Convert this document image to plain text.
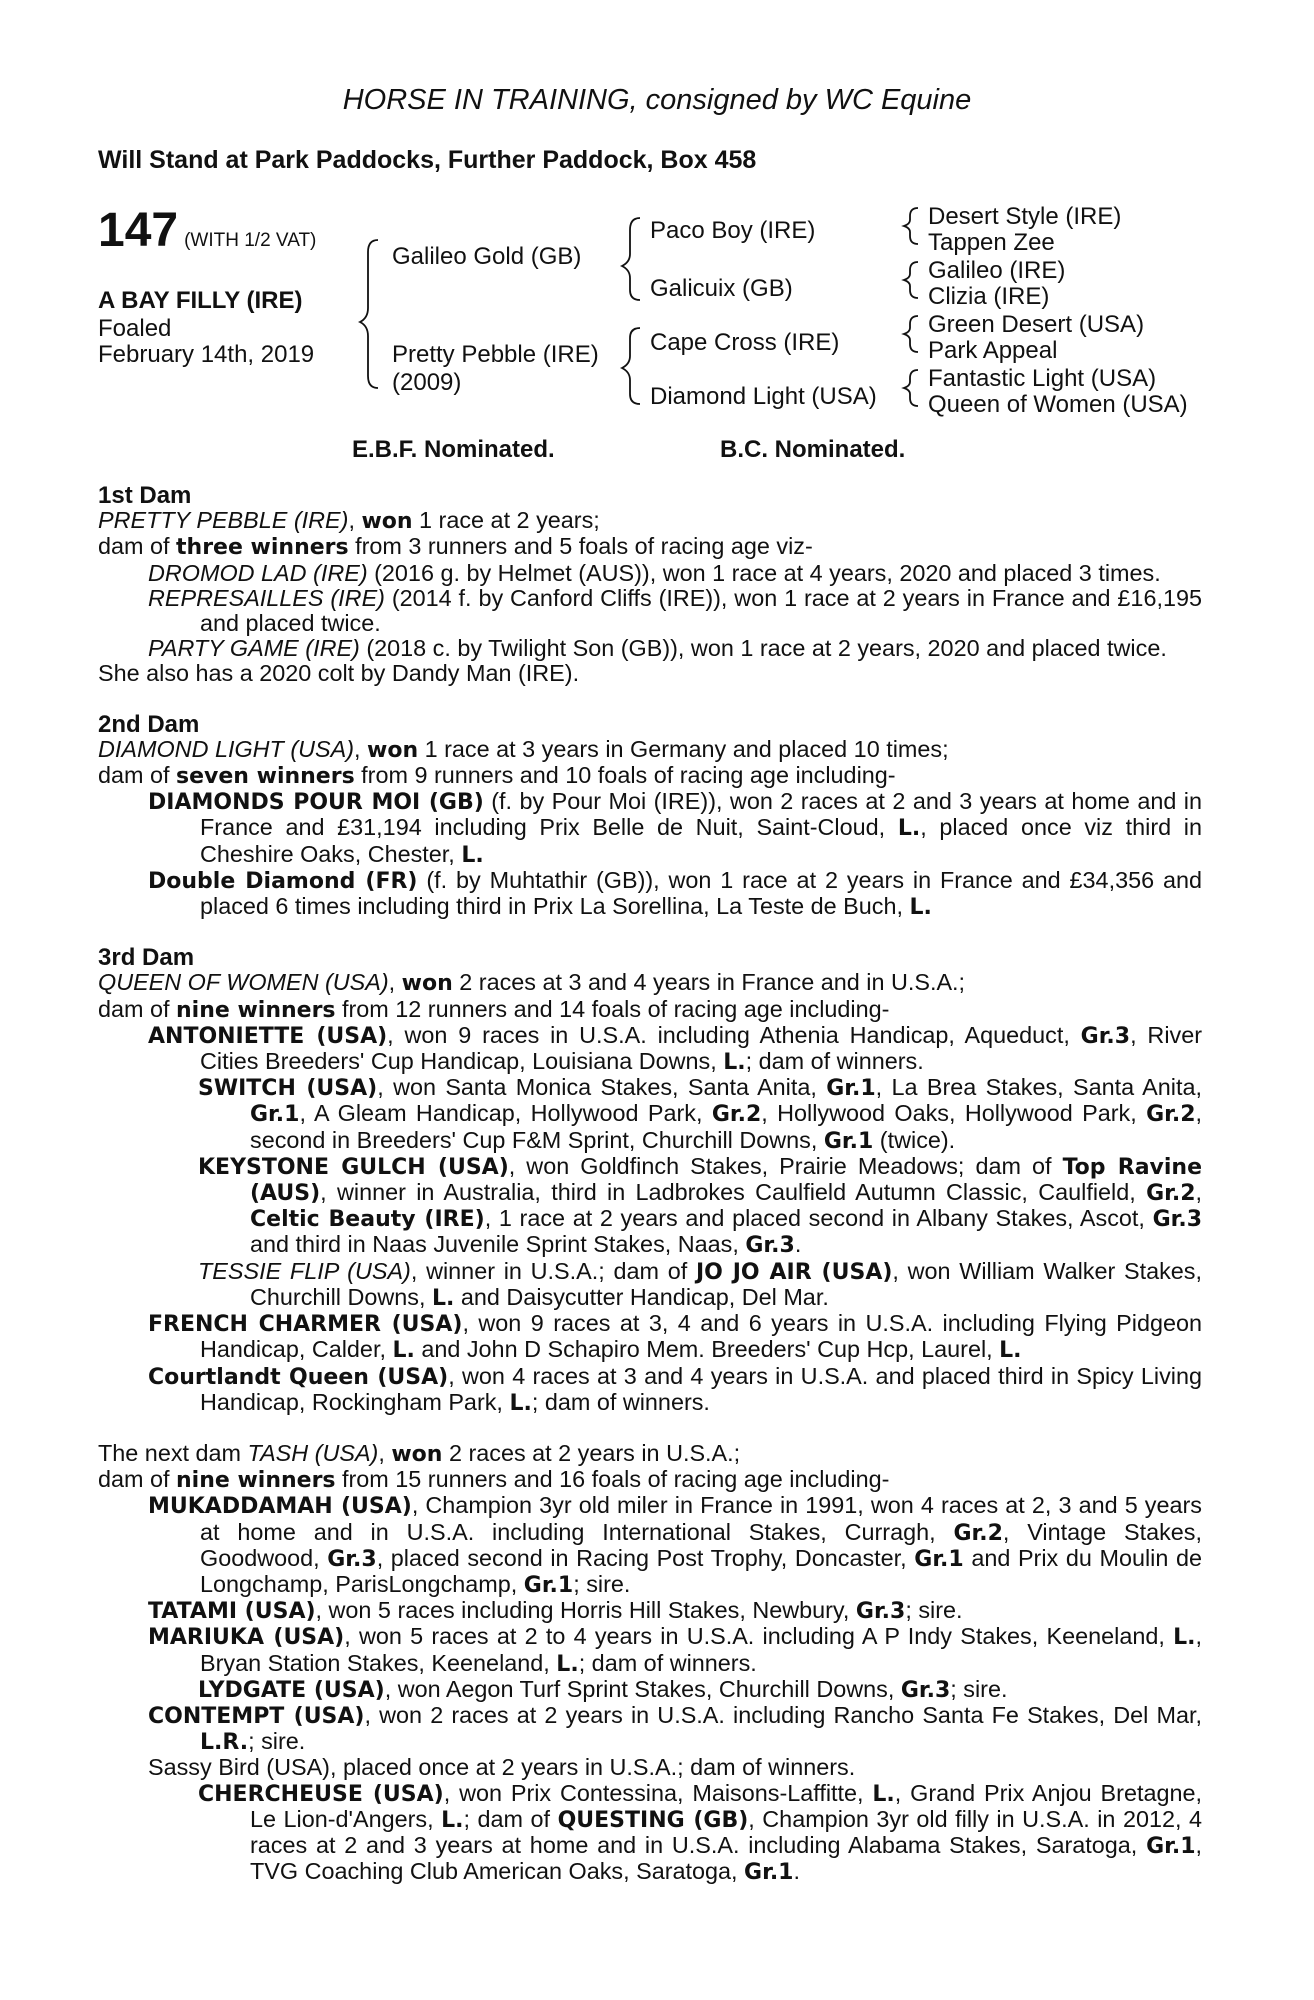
HORSE IN TRAINING, consigned by WC Equine
Will Stand at Park Paddocks, Further Paddock, Box 458
147 (WITH 1/2 VAT)
A BAY FILLY (IRE)
Foaled
February 14th, 2019
Galileo Gold (GB)
Pretty Pebble (IRE)
(2009)
Paco Boy (IRE)
Galicuix (GB)
Cape Cross (IRE)
Diamond Light (USA)
Desert Style (IRE)
Tappen Zee
Galileo (IRE)
Clizia (IRE)
Green Desert (USA)
Park Appeal
Fantastic Light (USA)
Queen of Women (USA)
E.B.F. Nominated.	B.C. Nominated.

1st Dam

PRETTY PEBBLE (IRE), won 1 race at 2 years;

dam of three winners from 3 runners and 5 foals of racing age viz-

DROMOD LAD (IRE) (2016 g. by Helmet (AUS)), won 1 race at 4 years, 2020 and placed 3 times.

REPRESAILLES (IRE) (2014 f. by Canford Cliffs (IRE)), won 1 race at 2 years in France and £16,195 and placed twice.

PARTY GAME (IRE) (2018 c. by Twilight Son (GB)), won 1 race at 2 years, 2020 and placed twice.

She also has a 2020 colt by Dandy Man (IRE).

2nd Dam

DIAMOND LIGHT (USA), won 1 race at 3 years in Germany and placed 10 times;

dam of seven winners from 9 runners and 10 foals of racing age including-

DIAMONDS POUR MOI (GB) (f. by Pour Moi (IRE)), won 2 races at 2 and 3 years at home and in France and £31,194 including Prix Belle de Nuit, Saint-Cloud, L., placed once viz third in Cheshire Oaks, Chester, L.

Double Diamond (FR) (f. by Muhtathir (GB)), won 1 race at 2 years in France and £34,356 and placed 6 times including third in Prix La Sorellina, La Teste de Buch, L.

3rd Dam

QUEEN OF WOMEN (USA), won 2 races at 3 and 4 years in France and in U.S.A.;

dam of nine winners from 12 runners and 14 foals of racing age including-

ANTONIETTE (USA), won 9 races in U.S.A. including Athenia Handicap, Aqueduct, Gr.3, River Cities Breeders' Cup Handicap, Louisiana Downs, L.; dam of winners.

SWITCH (USA), won Santa Monica Stakes, Santa Anita, Gr.1, La Brea Stakes, Santa Anita, Gr.1, A Gleam Handicap, Hollywood Park, Gr.2, Hollywood Oaks, Hollywood Park, Gr.2, second in Breeders' Cup F&M Sprint, Churchill Downs, Gr.1 (twice).

KEYSTONE GULCH (USA), won Goldfinch Stakes, Prairie Meadows; dam of Top Ravine (AUS), winner in Australia, third in Ladbrokes Caulfield Autumn Classic, Caulfield, Gr.2, Celtic Beauty (IRE), 1 race at 2 years and placed second in Albany Stakes, Ascot, Gr.3 and third in Naas Juvenile Sprint Stakes, Naas, Gr.3.

TESSIE FLIP (USA), winner in U.S.A.; dam of JO JO AIR (USA), won William Walker Stakes, Churchill Downs, L. and Daisycutter Handicap, Del Mar.

FRENCH CHARMER (USA), won 9 races at 3, 4 and 6 years in U.S.A. including Flying Pidgeon Handicap, Calder, L. and John D Schapiro Mem. Breeders' Cup Hcp, Laurel, L.

Courtlandt Queen (USA), won 4 races at 3 and 4 years in U.S.A. and placed third in Spicy Living Handicap, Rockingham Park, L.; dam of winners.

The next dam TASH (USA), won 2 races at 2 years in U.S.A.;

dam of nine winners from 15 runners and 16 foals of racing age including-

MUKADDAMAH (USA), Champion 3yr old miler in France in 1991, won 4 races at 2, 3 and 5 years at home and in U.S.A. including International Stakes, Curragh, Gr.2, Vintage Stakes, Goodwood, Gr.3, placed second in Racing Post Trophy, Doncaster, Gr.1 and Prix du Moulin de Longchamp, ParisLongchamp, Gr.1; sire.

TATAMI (USA), won 5 races including Horris Hill Stakes, Newbury, Gr.3; sire.

MARIUKA (USA), won 5 races at 2 to 4 years in U.S.A. including A P Indy Stakes, Keeneland, L., Bryan Station Stakes, Keeneland, L.; dam of winners.

LYDGATE (USA), won Aegon Turf Sprint Stakes, Churchill Downs, Gr.3; sire.

CONTEMPT (USA), won 2 races at 2 years in U.S.A. including Rancho Santa Fe Stakes, Del Mar, L.R.; sire.

Sassy Bird (USA), placed once at 2 years in U.S.A.; dam of winners.

CHERCHEUSE (USA), won Prix Contessina, Maisons-Laffitte, L., Grand Prix Anjou Bretagne, Le Lion-d'Angers, L.; dam of QUESTING (GB), Champion 3yr old filly in U.S.A. in 2012, 4 races at 2 and 3 years at home and in U.S.A. including Alabama Stakes, Saratoga, Gr.1, TVG Coaching Club American Oaks, Saratoga, Gr.1.
